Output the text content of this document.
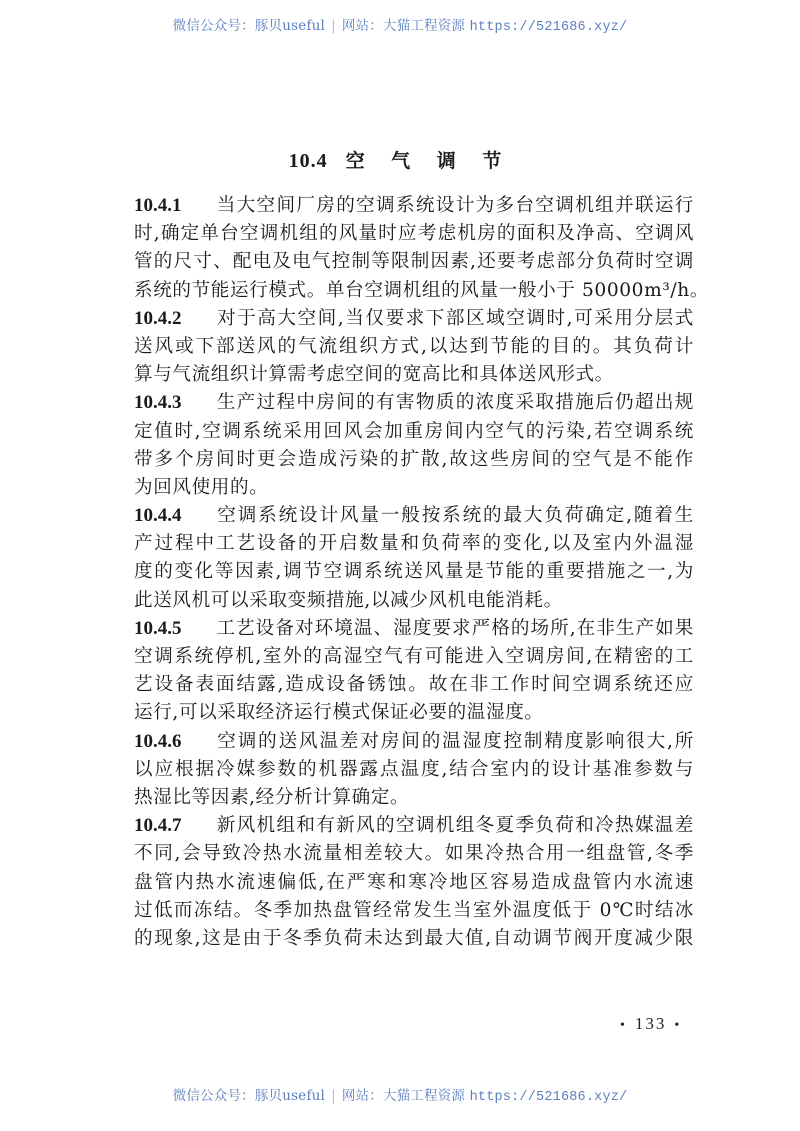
微信公众号：豚贝useful | 网站：大猫工程资源 https://521686.xyz/
10.4 空 气 调 节
10.4.1 当大空间厂房的空调系统设计为多台空调机组并联运行
时,确定单台空调机组的风量时应考虑机房的面积及净高、空调风
管的尺寸、配电及电气控制等限制因素,还要考虑部分负荷时空调
系统的节能运行模式。单台空调机组的风量一般小于 50000m³/h。
10.4.2 对于高大空间,当仅要求下部区域空调时,可采用分层式
送风或下部送风的气流组织方式,以达到节能的目的。其负荷计
算与气流组织计算需考虑空间的宽高比和具体送风形式。
10.4.3 生产过程中房间的有害物质的浓度采取措施后仍超出规
定值时,空调系统采用回风会加重房间内空气的污染,若空调系统
带多个房间时更会造成污染的扩散,故这些房间的空气是不能作
为回风使用的。
10.4.4 空调系统设计风量一般按系统的最大负荷确定,随着生
产过程中工艺设备的开启数量和负荷率的变化,以及室内外温湿
度的变化等因素,调节空调系统送风量是节能的重要措施之一,为
此送风机可以采取变频措施,以减少风机电能消耗。
10.4.5 工艺设备对环境温、湿度要求严格的场所,在非生产如果
空调系统停机,室外的高湿空气有可能进入空调房间,在精密的工
艺设备表面结露,造成设备锈蚀。故在非工作时间空调系统还应
运行,可以采取经济运行模式保证必要的温湿度。
10.4.6 空调的送风温差对房间的温湿度控制精度影响很大,所
以应根据冷媒参数的机器露点温度,结合室内的设计基准参数与
热湿比等因素,经分析计算确定。
10.4.7 新风机组和有新风的空调机组冬夏季负荷和冷热媒温差
不同,会导致冷热水流量相差较大。如果冷热合用一组盘管,冬季
盘管内热水流速偏低,在严寒和寒冷地区容易造成盘管内水流速
过低而冻结。冬季加热盘管经常发生当室外温度低于 0℃时结冰
的现象,这是由于冬季负荷未达到最大值,自动调节阀开度减少限
• 133 •
微信公众号：豚贝useful | 网站：大猫工程资源 https://521686.xyz/
